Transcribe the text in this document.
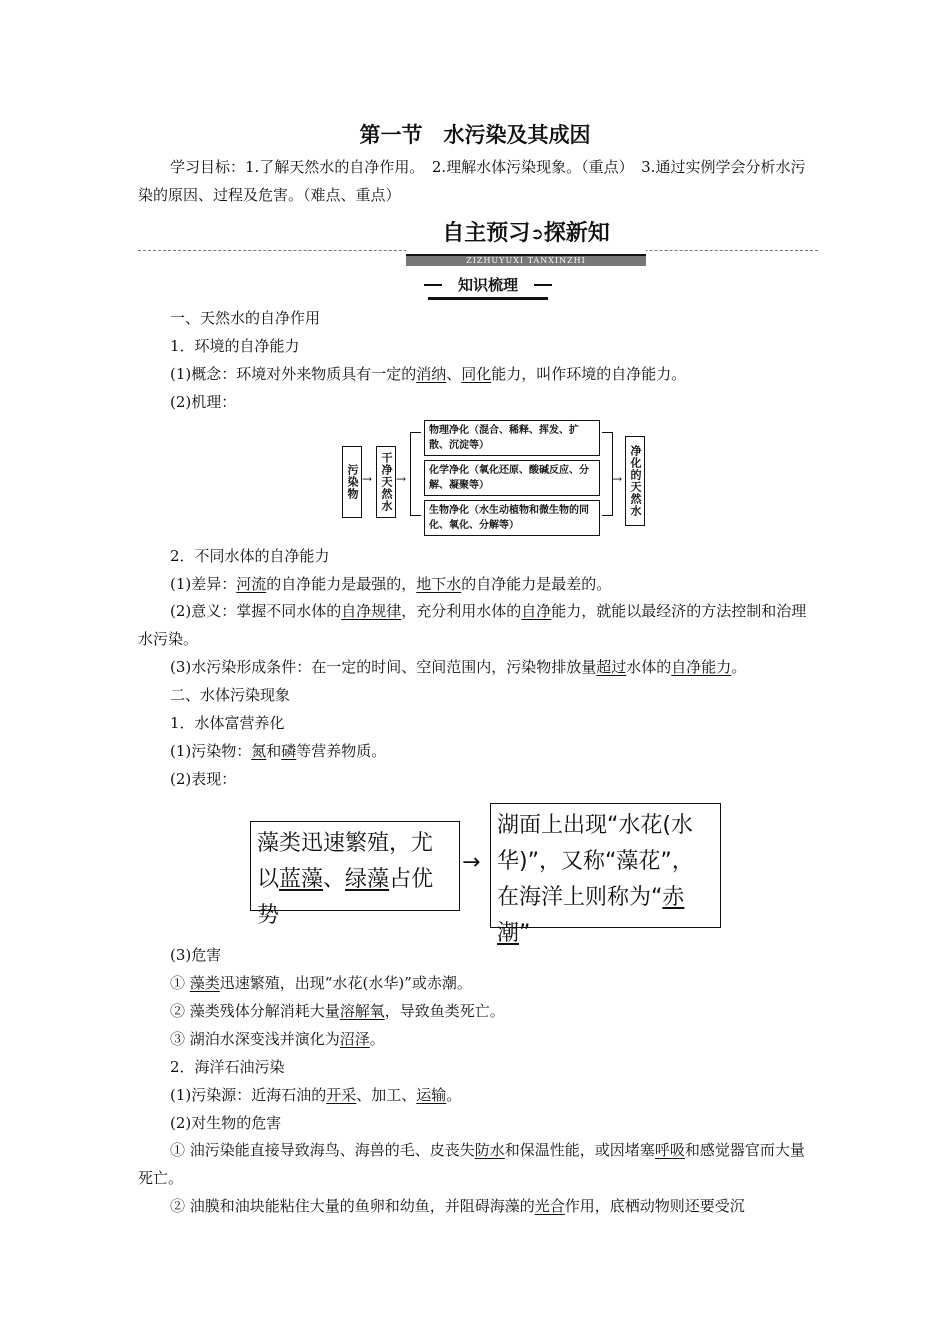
第一节　水污染及其成因
学习目标：1.了解天然水的自净作用。　2.理解水体污染现象。（重点）　3.通过实例学会分析水污染的原因、过程及危害。（难点、重点）
自主预习➲探新知
ZIZHUYUXI TANXINZHI
知识梳理
一、天然水的自净作用
1．环境的自净能力
(1)概念：环境对外来物质具有一定的消纳、同化能力，叫作环境的自净能力。
(2)机理：
污染物 → 干净天然水 →
物理净化（混合、稀释、挥发、扩散、沉淀等）
化学净化（氧化还原、酸碱反应、分解、凝聚等）
生物净化（水生动植物和微生物的同化、氧化、分解等）
→ 净化的天然水
2．不同水体的自净能力
(1)差异：河流的自净能力是最强的，地下水的自净能力是最差的。
(2)意义：掌握不同水体的自净规律，充分利用水体的自净能力，就能以最经济的方法控制和治理水污染。
(3)水污染形成条件：在一定的时间、空间范围内，污染物排放量超过水体的自净能力。
二、水体污染现象
1．水体富营养化
(1)污染物：氮和磷等营养物质。
(2)表现：
藻类迅速繁殖，尤以蓝藻、绿藻占优势
→
湖面上出现“水花(水华)”，又称“藻花”，在海洋上则称为“赤潮”
(3)危害
① 藻类迅速繁殖，出现“水花(水华)”或赤潮。
② 藻类残体分解消耗大量溶解氧，导致鱼类死亡。
③ 湖泊水深变浅并演化为沼泽。
2．海洋石油污染
(1)污染源：近海石油的开采、加工、运输。
(2)对生物的危害
① 油污染能直接导致海鸟、海兽的毛、皮丧失防水和保温性能，或因堵塞呼吸和感觉器官而大量死亡。
② 油膜和油块能粘住大量的鱼卵和幼鱼，并阻碍海藻的光合作用，底栖动物则还要受沉
